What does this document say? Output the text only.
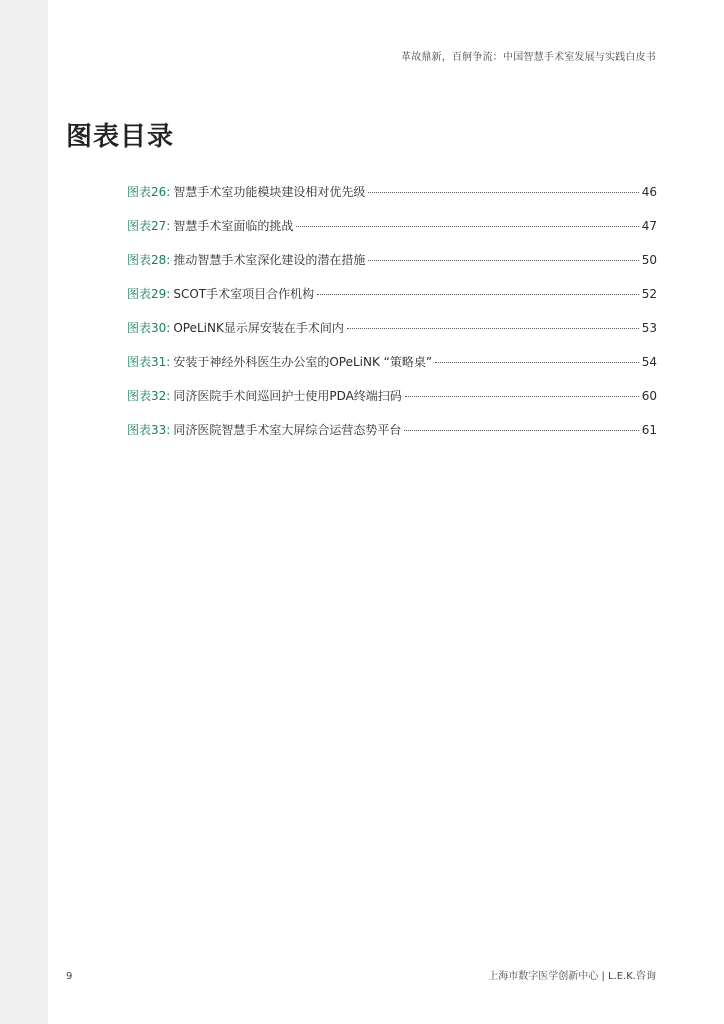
革故鼎新，百舸争流：中国智慧手术室发展与实践白皮书
图表目录
图表26: 智慧手术室功能模块建设相对优先级	46
图表27: 智慧手术室面临的挑战	47
图表28: 推动智慧手术室深化建设的潜在措施	50
图表29: SCOT手术室项目合作机构	52
图表30: OPeLiNK显示屏安装在手术间内	53
图表31: 安装于神经外科医生办公室的OPeLiNK “策略桌”	54
图表32: 同济医院手术间巡回护士使用PDA终端扫码	60
图表33: 同济医院智慧手术室大屏综合运营态势平台	61
9	上海市数字医学创新中心 | L.E.K.咨询
